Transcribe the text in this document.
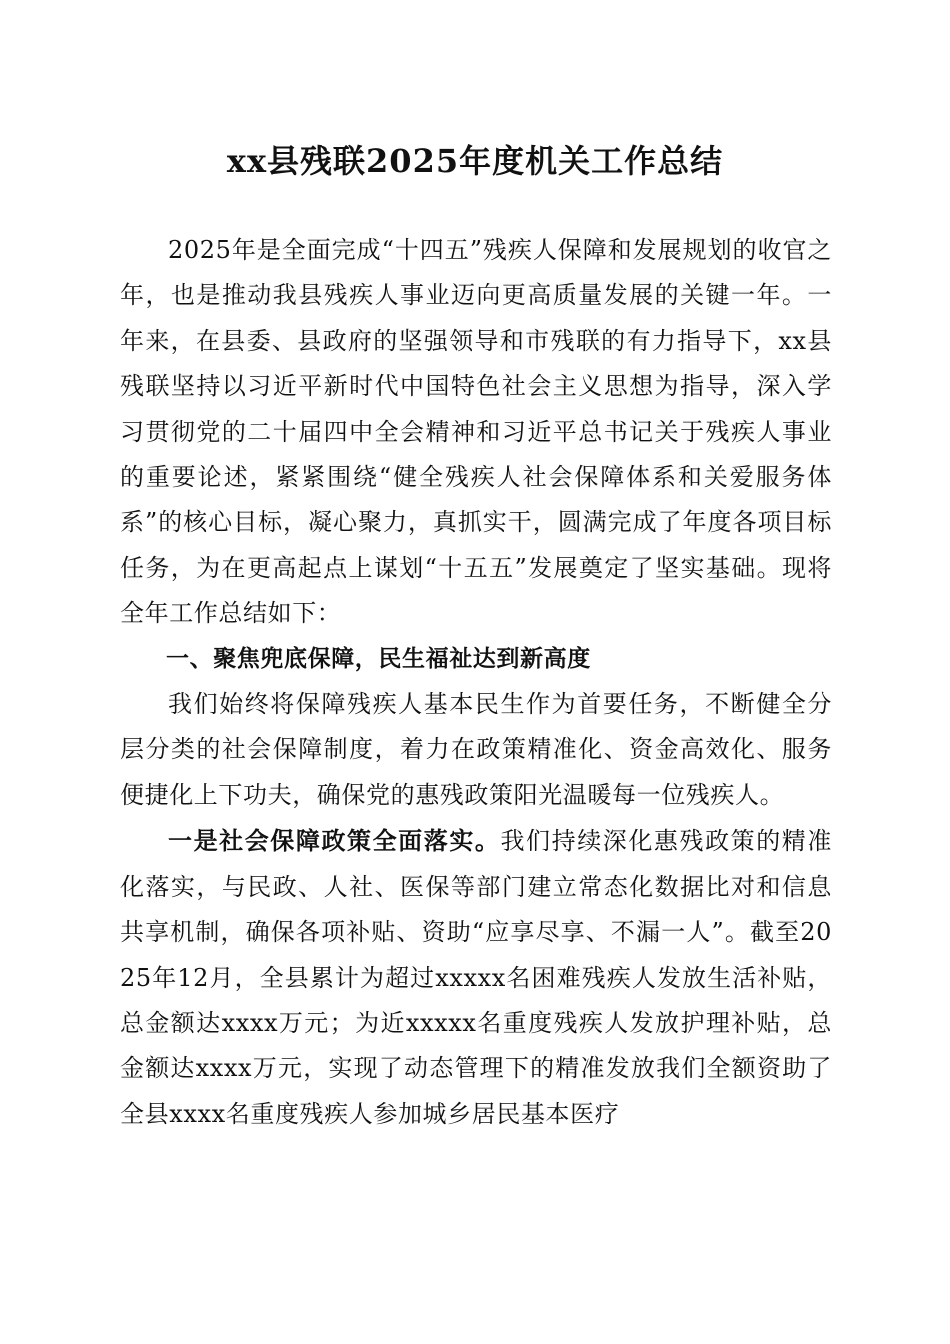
xx县残联2025年度机关工作总结

2025年是全面完成“十四五”残疾人保障和发展规划的收官之年，也是推动我县残疾人事业迈向更高质量发展的关键一年。一年来，在县委、县政府的坚强领导和市残联的有力指导下，xx县残联坚持以习近平新时代中国特色社会主义思想为指导，深入学习贯彻党的二十届四中全会精神和习近平总书记关于残疾人事业的重要论述，紧紧围绕“健全残疾人社会保障体系和关爱服务体系”的核心目标，凝心聚力，真抓实干，圆满完成了年度各项目标任务，为在更高起点上谋划“十五五”发展奠定了坚实基础。现将全年工作总结如下：

一、聚焦兜底保障，民生福祉达到新高度

我们始终将保障残疾人基本民生作为首要任务，不断健全分层分类的社会保障制度，着力在政策精准化、资金高效化、服务便捷化上下功夫，确保党的惠残政策阳光温暖每一位残疾人。

一是社会保障政策全面落实。我们持续深化惠残政策的精准化落实，与民政、人社、医保等部门建立常态化数据比对和信息共享机制，确保各项补贴、资助“应享尽享、不漏一人”。截至2025年12月，全县累计为超过xxxxx名困难残疾人发放生活补贴，总金额达xxxx万元；为近xxxxx名重度残疾人发放护理补贴，总金额达xxxx万元，实现了动态管理下的精准发放我们全额资助了全县xxxx名重度残疾人参加城乡居民基本医疗
